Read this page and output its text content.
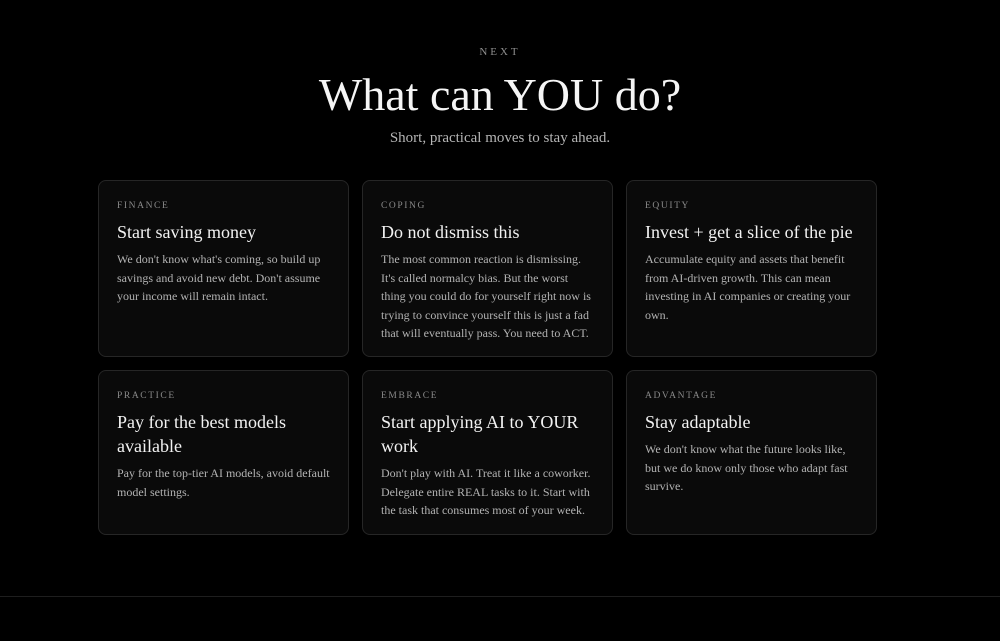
NEXT
What can YOU do?
Short, practical moves to stay ahead.
FINANCE
Start saving money
We don't know what's coming, so build up savings and avoid new debt. Don't assume your income will remain intact.
COPING
Do not dismiss this
The most common reaction is dismissing. It's called normalcy bias. But the worst thing you could do for yourself right now is trying to convince yourself this is just a fad that will eventually pass. You need to ACT.
EQUITY
Invest + get a slice of the pie
Accumulate equity and assets that benefit from AI-driven growth. This can mean investing in AI companies or creating your own.
PRACTICE
Pay for the best models available
Pay for the top-tier AI models, avoid default model settings.
EMBRACE
Start applying AI to YOUR work
Don't play with AI. Treat it like a coworker. Delegate entire REAL tasks to it. Start with the task that consumes most of your week.
ADVANTAGE
Stay adaptable
We don't know what the future looks like, but we do know only those who adapt fast survive.
